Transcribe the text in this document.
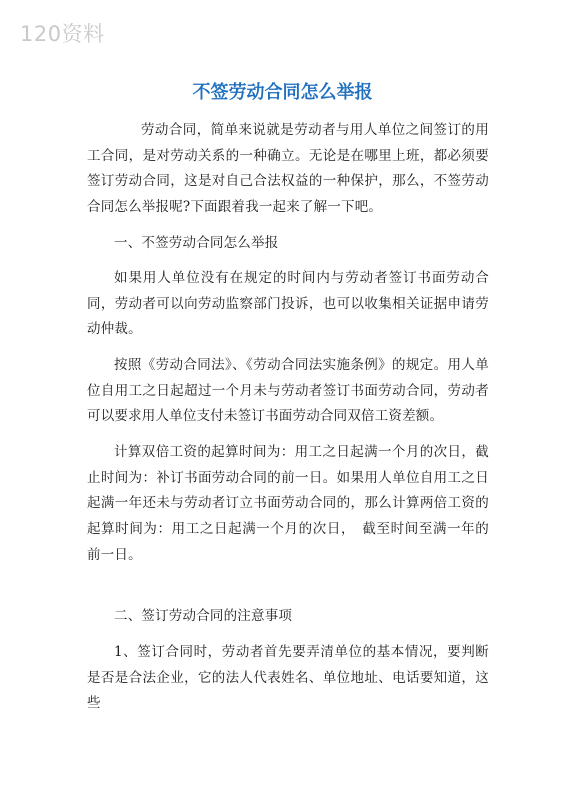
120资料
不签劳动合同怎么举报

劳动合同，简单来说就是劳动者与用人单位之间签订的用工合同，是对劳动关系的一种确立。无论是在哪里上班，都必须要签订劳动合同，这是对自己合法权益的一种保护，那么，不签劳动合同怎么举报呢?下面跟着我一起来了解一下吧。

一、不签劳动合同怎么举报

如果用人单位没有在规定的时间内与劳动者签订书面劳动合同，劳动者可以向劳动监察部门投诉，也可以收集相关证据申请劳动仲裁。

按照《劳动合同法》、《劳动合同法实施条例》的规定。用人单位自用工之日起超过一个月未与劳动者签订书面劳动合同，劳动者可以要求用人单位支付未签订书面劳动合同双倍工资差额。

计算双倍工资的起算时间为：用工之日起满一个月的次日，截止时间为：补订书面劳动合同的前一日。如果用人单位自用工之日起满一年还未与劳动者订立书面劳动合同的，那么计算两倍工资的起算时间为：用工之日起满一个月的次日，　截至时间至满一年的前一日。

二、签订劳动合同的注意事项

1、签订合同时，劳动者首先要弄清单位的基本情况，要判断是否是合法企业，它的法人代表姓名、单位地址、电话要知道，这些
